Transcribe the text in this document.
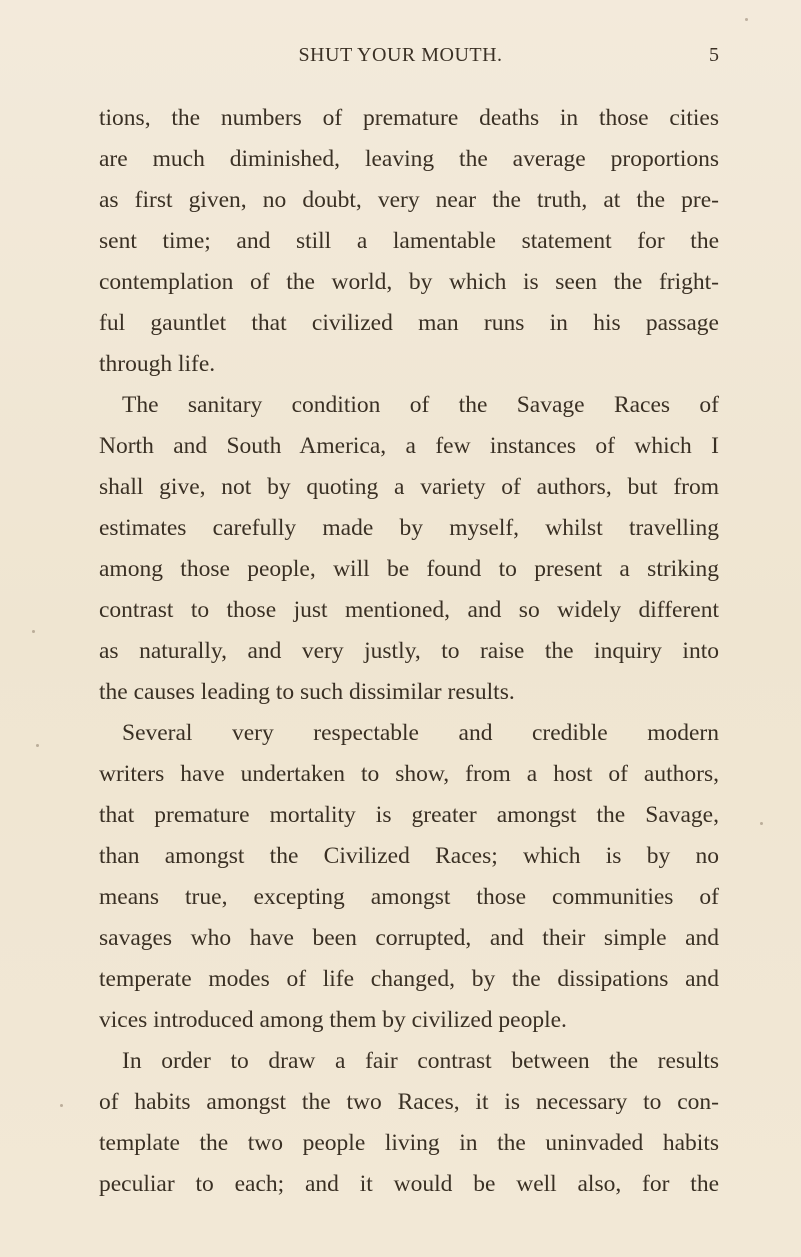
SHUT YOUR MOUTH.	5
tions, the numbers of premature deaths in those cities
are much diminished, leaving the average proportions
as first given, no doubt, very near the truth, at the pre-
sent time; and still a lamentable statement for the
contemplation of the world, by which is seen the fright-
ful gauntlet that civilized man runs in his passage
through life.
The sanitary condition of the Savage Races of
North and South America, a few instances of which I
shall give, not by quoting a variety of authors, but from
estimates carefully made by myself, whilst travelling
among those people, will be found to present a striking
contrast to those just mentioned, and so widely different
as naturally, and very justly, to raise the inquiry into
the causes leading to such dissimilar results.
Several very respectable and credible modern
writers have undertaken to show, from a host of authors,
that premature mortality is greater amongst the Savage,
than amongst the Civilized Races; which is by no
means true, excepting amongst those communities of
savages who have been corrupted, and their simple and
temperate modes of life changed, by the dissipations and
vices introduced among them by civilized people.
In order to draw a fair contrast between the results
of habits amongst the two Races, it is necessary to con-
template the two people living in the uninvaded habits
peculiar to each; and it would be well also, for the
